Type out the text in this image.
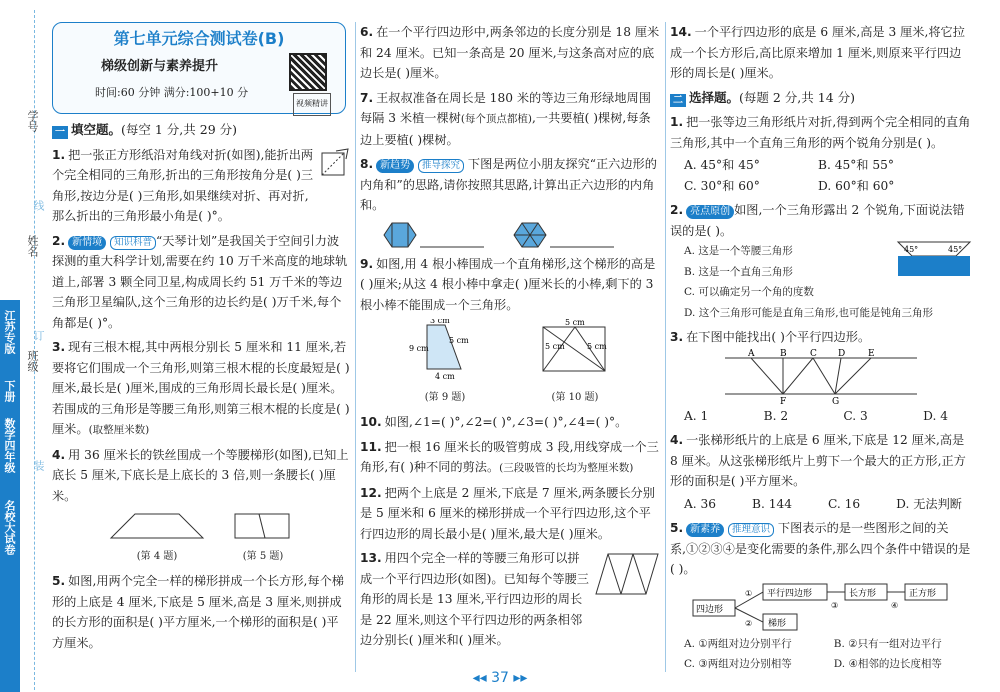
学号
姓名
班级
线
订
装
江苏专版
下册
数学四年级
名校大试卷
第七单元综合测试卷(B)
梯级创新与素养提升
时间:60 分钟 满分:100+10 分
视频精讲
一 填空题。(每空 1 分,共 29 分)
1. 把一张正方形纸沿对角线对折(如图),能折出两个完全相同的三角形,折出的三角形按角分是( )三角形,按边分是( )三角形,如果继续对折、再对折,那么折出的三角形最小角是( )°。
2. 新情境 知识科普 “天琴计划”是我国关于空间引力波探测的重大科学计划,需要在约 10 万千米高度的地球轨道上,部署 3 颗全同卫星,构成周长约 51 万千米的等边三角形卫星编队,这个三角形的边长约是( )万千米,每个角都是( )°。
3. 现有三根木棍,其中两根分别长 5 厘米和 11 厘米,若要将它们围成一个三角形,则第三根木棍的长度最短是( )厘米,最长是( )厘米,围成的三角形周长最长是( )厘米。若围成的三角形是等腰三角形,则第三根木棍的长度是( )厘米。(取整厘米数)
4. 用 36 厘米长的铁丝围成一个等腰梯形(如图),已知上底长 5 厘米,下底长是上底长的 3 倍,则一条腰长( )厘米。
(第 4 题)	(第 5 题)
5. 如图,用两个完全一样的梯形拼成一个长方形,每个梯形的上底是 4 厘米,下底是 5 厘米,高是 3 厘米,则拼成的长方形的面积是( )平方厘米,一个梯形的面积是( )平方厘米。
6. 在一个平行四边形中,两条邻边的长度分别是 18 厘米和 24 厘米。已知一条高是 20 厘米,与这条高对应的底边长是( )厘米。
7. 王叔叔准备在周长是 180 米的等边三角形绿地周围每隔 3 米植一棵树(每个顶点都植),一共要植( )棵树,每条边上要植( )棵树。
8. 新趋势 推导探究 下图是两位小朋友探究“正六边形的内角和”的思路,请你按照其思路,计算出正六边形的内角和。
9. 如图,用 4 根小棒围成一个直角梯形,这个梯形的高是( )厘米;从这 4 根小棒中拿走( )厘米长的小棒,剩下的 3 根小棒不能围成一个三角形。
5 cm
9 cm
3 cm
4 cm
(第 9 题)
5 cm
5 cm	5 cm
(第 10 题)
10. 如图,∠1=( )°,∠2=( )°,∠3=( )°,∠4=( )°。
11. 把一根 16 厘米长的吸管剪成 3 段,用线穿成一个三角形,有( )种不同的剪法。(三段吸管的长均为整厘米数)
12. 把两个上底是 2 厘米,下底是 7 厘米,两条腰长分别是 5 厘米和 6 厘米的梯形拼成一个平行四边形,这个平行四边形的周长最小是( )厘米,最大是( )厘米。
13. 用四个完全一样的等腰三角形可以拼成一个平行四边形(如图)。已知每个等腰三角形的周长是 13 厘米,平行四边形的周长是 22 厘米,则这个平行四边形的两条相邻边分别长( )厘米和( )厘米。
14. 一个平行四边形的底是 6 厘米,高是 3 厘米,将它拉成一个长方形后,高比原来增加 1 厘米,则原来平行四边形的周长是( )厘米。
二 选择题。(每题 2 分,共 14 分)
1. 把一张等边三角形纸片对折,得到两个完全相同的直角三角形,其中一个直角三角形的两个锐角分别是( )。
A. 45°和 45°	B. 45°和 55°
C. 30°和 60°	D. 60°和 60°
2. 亮点原创 如图,一个三角形露出 2 个锐角,下面说法错误的是( )。
45°	45°
A. 这是一个等腰三角形
B. 这是一个直角三角形
C. 可以确定另一个角的度数
D. 这个三角形可能是直角三角形,也可能是钝角三角形
3. 在下图中能找出( )个平行四边形。
A	B	C D	E
F	G
A. 1	B. 2	C. 3	D. 4
4. 一张梯形纸片的上底是 6 厘米,下底是 12 厘米,高是 8 厘米。从这张梯形纸片上剪下一个最大的正方形,正方形的面积是( )平方厘米。
A. 36	B. 144	C. 16	D. 无法判断
5. 新素养 推理意识 下图表示的是一些图形之间的关系,①②③④是变化需要的条件,那么四个条件中错误的是( )。
四边形
平行四边形	长方形	正方形
梯形
①
②
③	④
A. ①两组对边分别平行	B. ②只有一组对边平行
C. ③两组对边分别相等	D. ④相邻的边长度相等
◂◂ 37 ▸▸
